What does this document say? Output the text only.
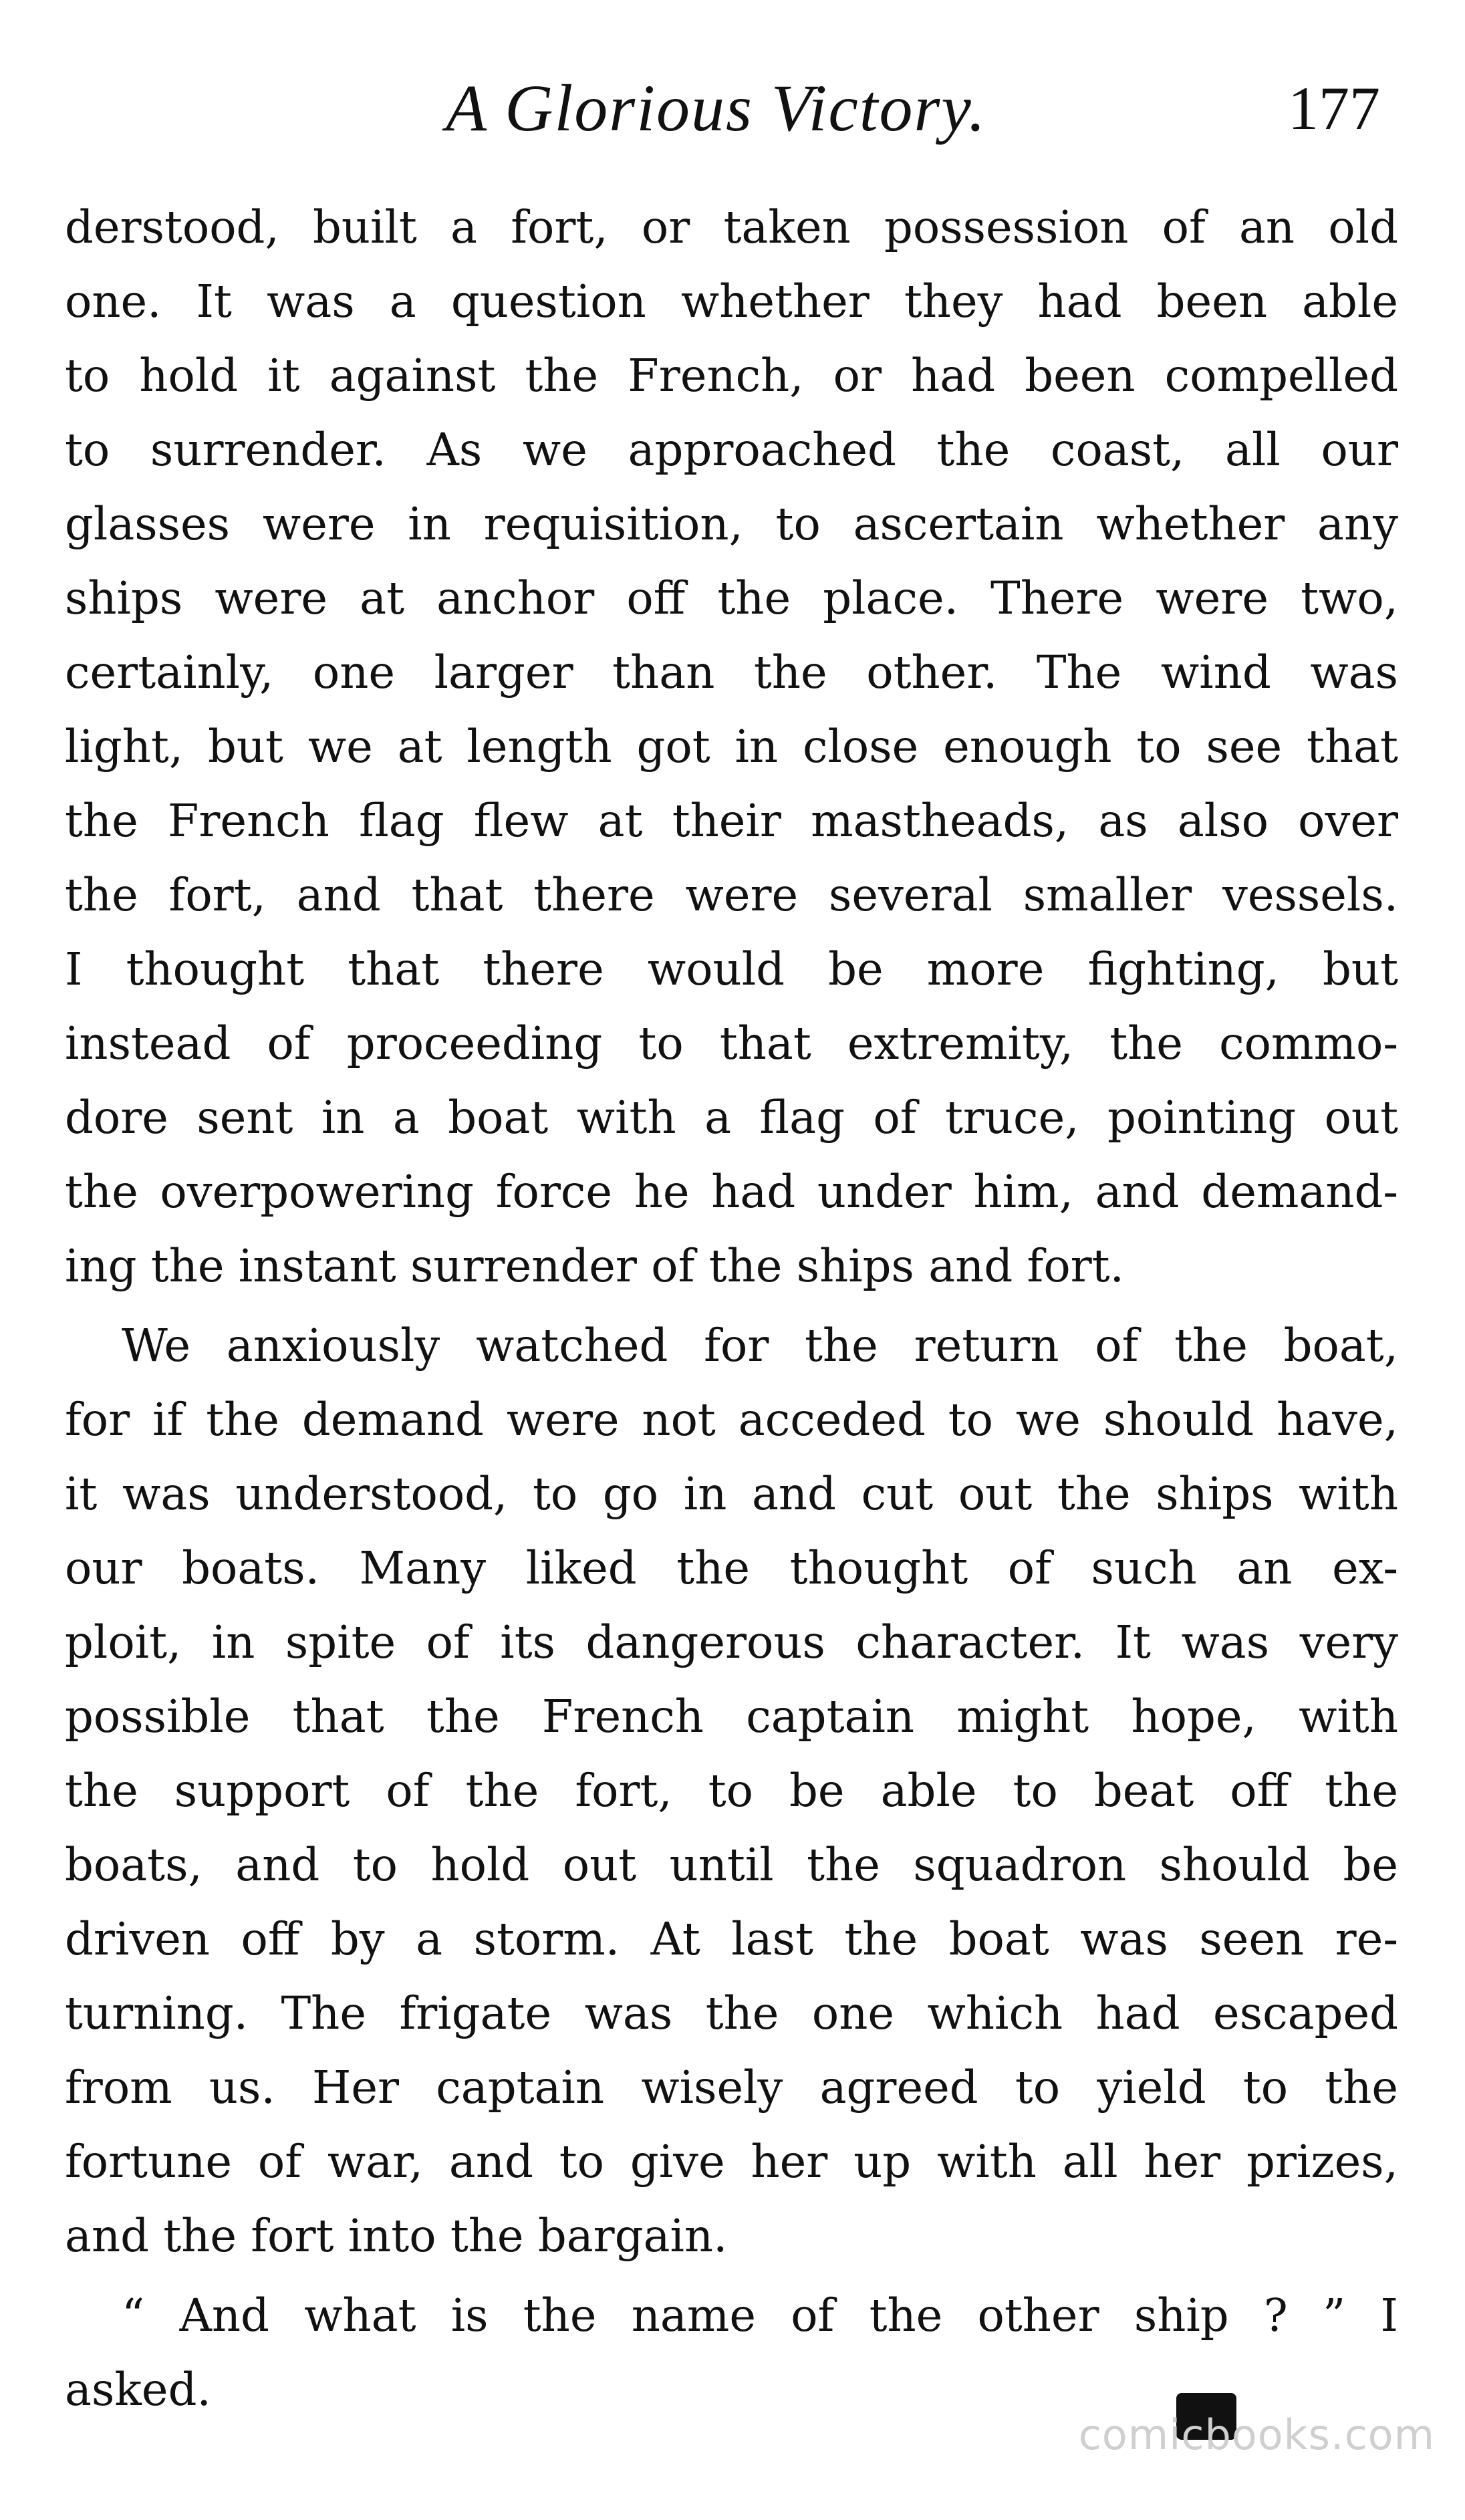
A Glorious Victory.	177
derstood, built a fort, or taken possession of an old
one. It was a question whether they had been able
to hold it against the French, or had been compelled
to surrender. As we approached the coast, all our
glasses were in requisition, to ascertain whether any
ships were at anchor off the place. There were two,
certainly, one larger than the other. The wind was
light, but we at length got in close enough to see that
the French flag flew at their mastheads, as also over
the fort, and that there were several smaller vessels.
I thought that there would be more fighting, but
instead of proceeding to that extremity, the commo-
dore sent in a boat with a flag of truce, pointing out
the overpowering force he had under him, and demand-
ing the instant surrender of the ships and fort.
We anxiously watched for the return of the boat,
for if the demand were not acceded to we should have,
it was understood, to go in and cut out the ships with
our boats. Many liked the thought of such an ex-
ploit, in spite of its dangerous character. It was very
possible that the French captain might hope, with
the support of the fort, to be able to beat off the
boats, and to hold out until the squadron should be
driven off by a storm. At last the boat was seen re-
turning. The frigate was the one which had escaped
from us. Her captain wisely agreed to yield to the
fortune of war, and to give her up with all her prizes,
and the fort into the bargain.
“ And what is the name of the other ship ? ” I
asked.
comicbooks.com
